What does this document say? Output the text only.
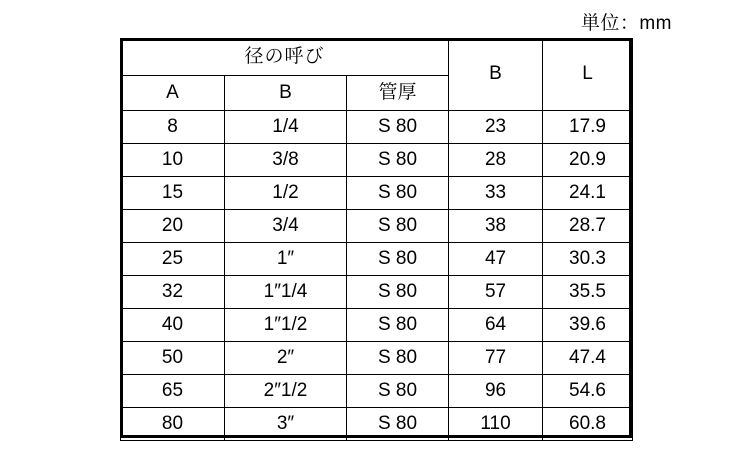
単位：mm
径の呼び			B	L
A	B	管厚		
8	1/4	S 80	23	17.9
10	3/8	S 80	28	20.9
15	1/2	S 80	33	24.1
20	3/4	S 80	38	28.7
25	1″	S 80	47	30.3
32	1″1/4	S 80	57	35.5
40	1″1/2	S 80	64	39.6
50	2″	S 80	77	47.4
65	2″1/2	S 80	96	54.6
80	3″	S 80	110	60.8
